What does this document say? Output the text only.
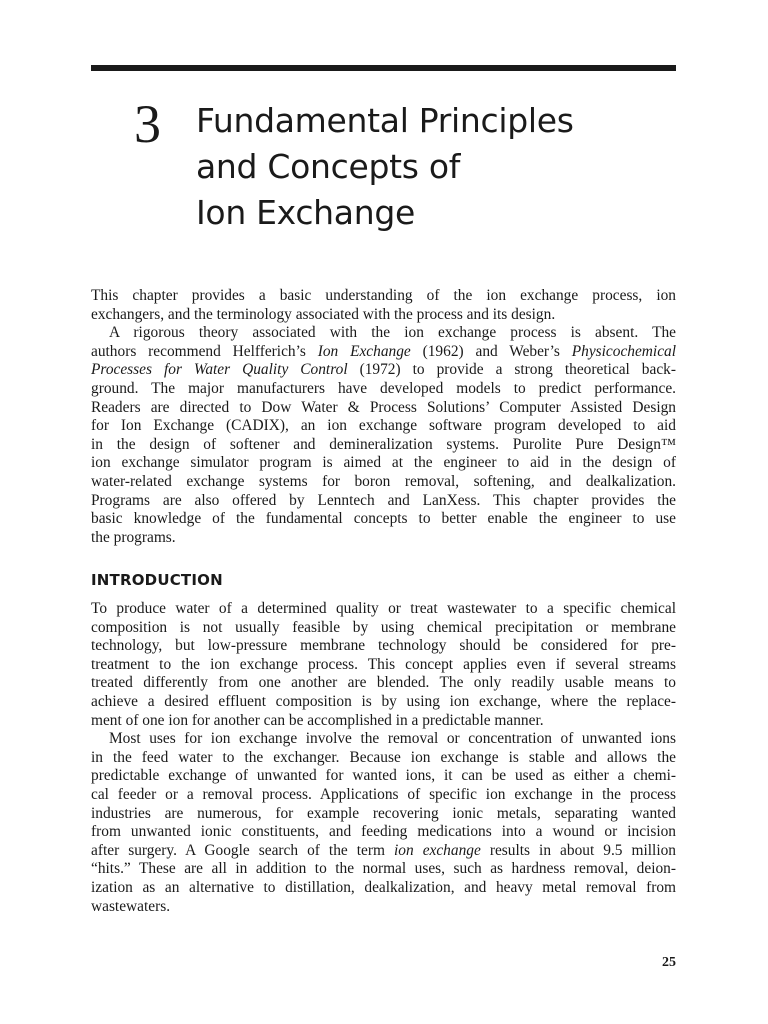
3 Fundamental Principles
and Concepts of
Ion Exchange

This chapter provides a basic understanding of the ion exchange process, ion
exchangers, and the terminology associated with the process and its design.

A rigorous theory associated with the ion exchange process is absent. The
authors recommend Helfferich’s Ion Exchange (1962) and Weber’s Physicochemical
Processes for Water Quality Control (1972) to provide a strong theoretical back-
ground. The major manufacturers have developed models to predict performance.
Readers are directed to Dow Water & Process Solutions’ Computer Assisted Design
for Ion Exchange (CADIX), an ion exchange software program developed to aid
in the design of softener and demineralization systems. Purolite Pure Design™
ion exchange simulator program is aimed at the engineer to aid in the design of
water-related exchange systems for boron removal, softening, and dealkalization.
Programs are also offered by Lenntech and LanXess. This chapter provides the
basic knowledge of the fundamental concepts to better enable the engineer to use
the programs.

INTRODUCTION

To produce water of a determined quality or treat wastewater to a specific chemical
composition is not usually feasible by using chemical precipitation or membrane
technology, but low-pressure membrane technology should be considered for pre-
treatment to the ion exchange process. This concept applies even if several streams
treated differently from one another are blended. The only readily usable means to
achieve a desired effluent composition is by using ion exchange, where the replace-
ment of one ion for another can be accomplished in a predictable manner.

Most uses for ion exchange involve the removal or concentration of unwanted ions
in the feed water to the exchanger. Because ion exchange is stable and allows the
predictable exchange of unwanted for wanted ions, it can be used as either a chemi-
cal feeder or a removal process. Applications of specific ion exchange in the process
industries are numerous, for example recovering ionic metals, separating wanted
from unwanted ionic constituents, and feeding medications into a wound or incision
after surgery. A Google search of the term ion exchange results in about 9.5 million
“hits.” These are all in addition to the normal uses, such as hardness removal, deion-
ization as an alternative to distillation, dealkalization, and heavy metal removal from
wastewaters.

25
